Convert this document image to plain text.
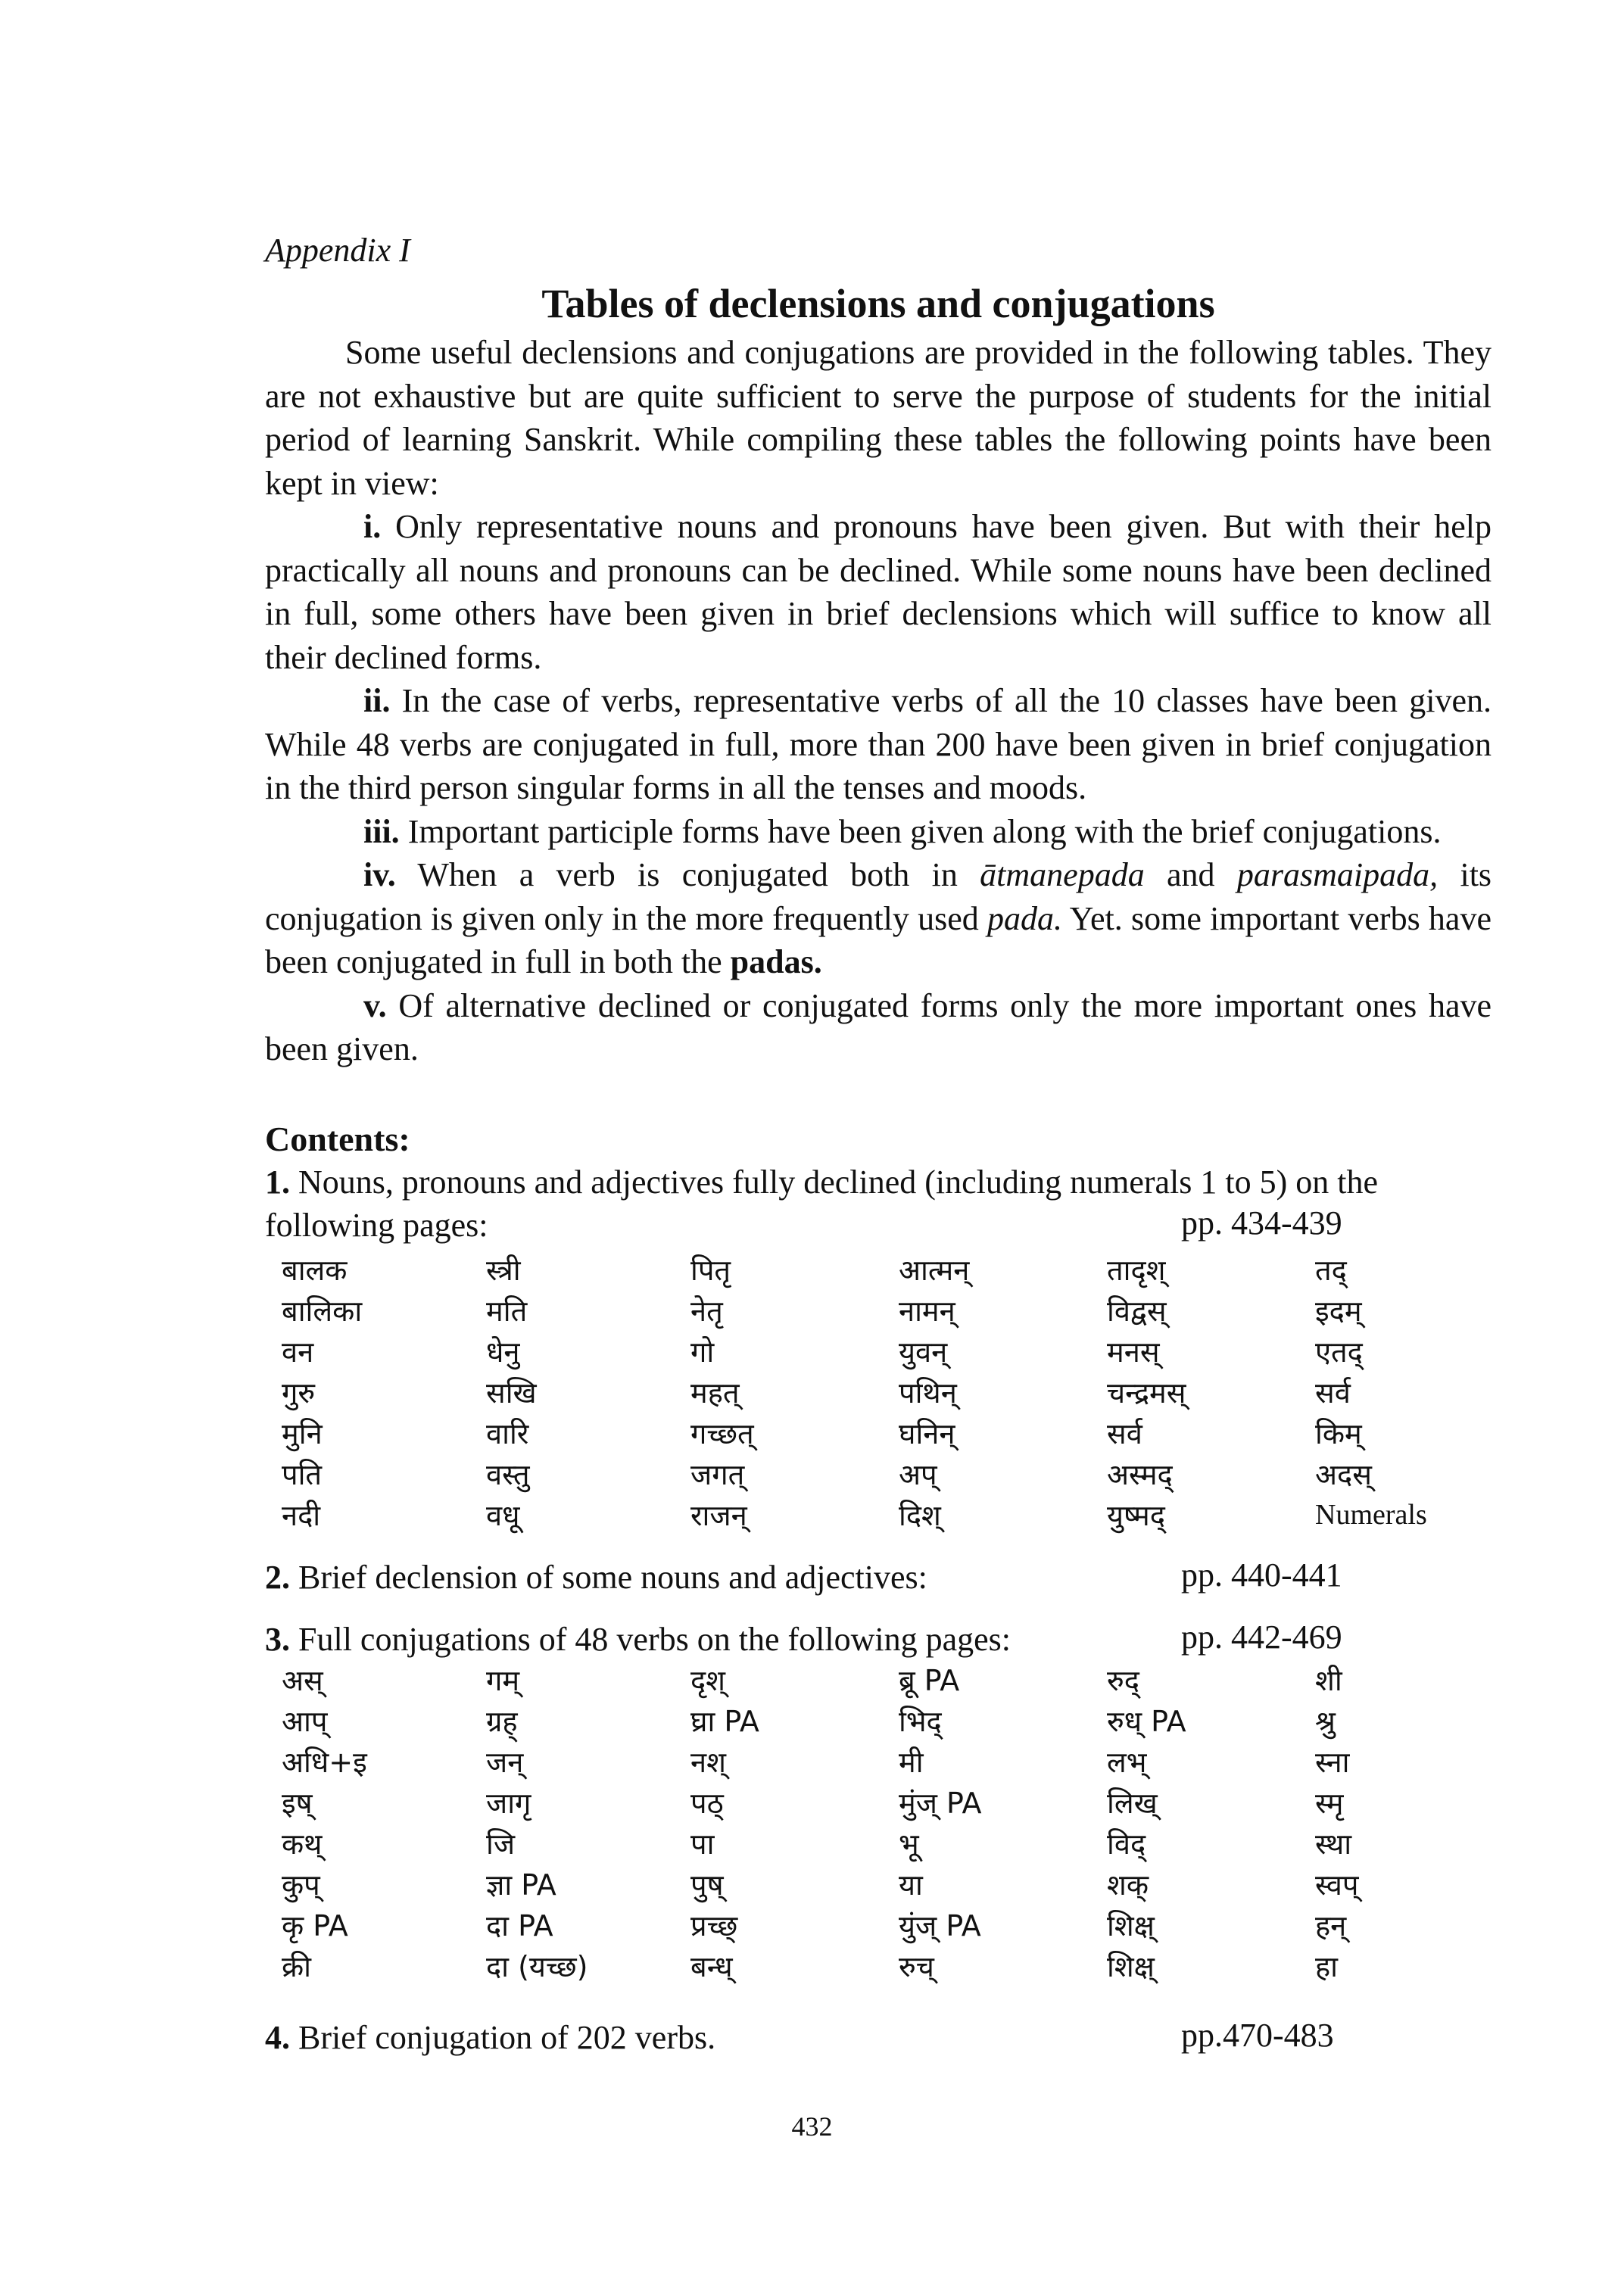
Appendix I
Tables of declensions and conjugations

Some useful declensions and conjugations are provided in the following tables. They are not exhaustive but are quite sufficient to serve the purpose of students for the initial period of learning Sanskrit. While compiling these tables the following points have been kept in view:

i. Only representative nouns and pronouns have been given. But with their help practically all nouns and pronouns can be declined. While some nouns have been declined in full, some others have been given in brief declensions which will suffice to know all their declined forms.

ii. In the case of verbs, representative verbs of all the 10 classes have been given. While 48 verbs are conjugated in full, more than 200 have been given in brief conjugation in the third person singular forms in all the tenses and moods.

iii. Important participle forms have been given along with the brief conjugations.

iv. When a verb is conjugated both in ātmanepada and parasmaipada, its conjugation is given only in the more frequently used pada. Yet. some important verbs have been conjugated in full in both the padas.

v. Of alternative declined or conjugated forms only the more important ones have been given.

Contents:
1. Nouns, pronouns and adjectives fully declined (including numerals 1 to 5) on the
following pages:	pp. 434-439
बालक	स्त्री	पितृ	आत्मन्	तादृश्	तद्
बालिका	मति	नेतृ	नामन्	विद्वस्	इदम्
वन	धेनु	गो	युवन्	मनस्	एतद्
गुरु	सखि	महत्	पथिन्	चन्द्रमस्	सर्व
मुनि	वारि	गच्छत्	घनिन्	सर्व	किम्
पति	वस्तु	जगत्	अप्	अस्मद्	अदस्
नदी	वधू	राजन्	दिश्	युष्मद्	Numerals
2. Brief declension of some nouns and adjectives:	pp. 440-441
3. Full conjugations of 48 verbs on the following pages:	pp. 442-469
अस्	गम्	दृश्	ब्रू PA	रुद्	शी
आप्	ग्रह्	घ्रा PA	भिद्	रुध् PA	श्रु
अधि+इ	जन्	नश्	मी	लभ्	स्ना
इष्	जागृ	पठ्	मुंज् PA	लिख्	स्मृ
कथ्	जि	पा	भू	विद्	स्था
कुप्	ज्ञा PA	पुष्	या	शक्	स्वप्
कृ PA	दा PA	प्रच्छ्	युंज् PA	शिक्ष्	हन्
क्री	दा (यच्छ)	बन्ध्	रुच्	शिक्ष्	हा
4. Brief conjugation of 202 verbs.	pp.470-483
432
